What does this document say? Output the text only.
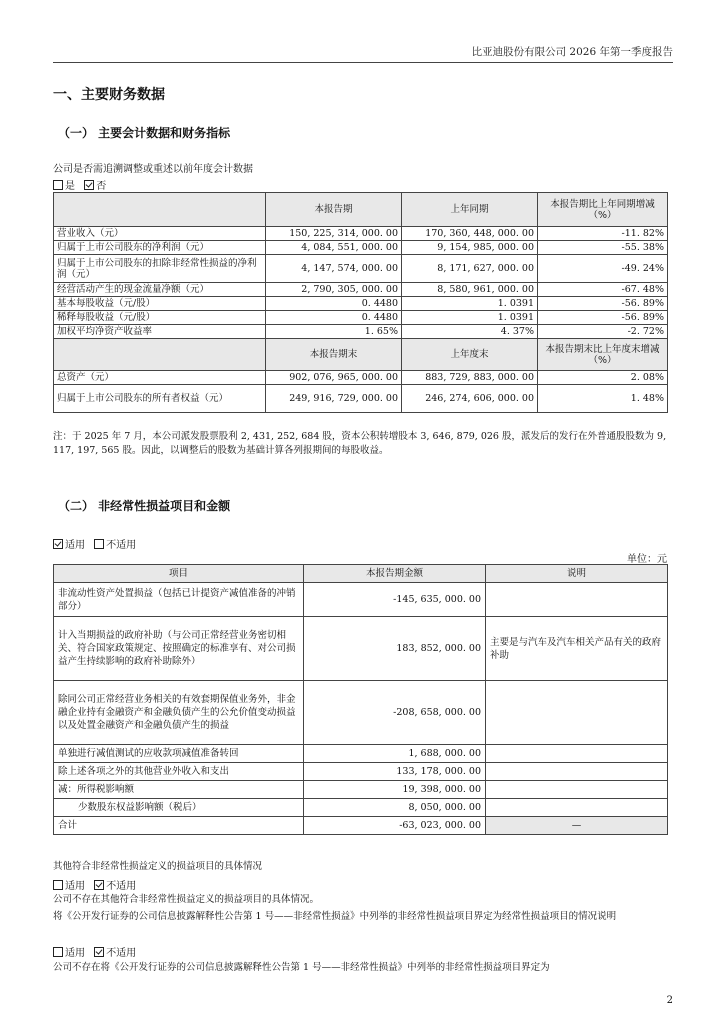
比亚迪股份有限公司 2026 年第一季度报告
一、主要财务数据
（一） 主要会计数据和财务指标
公司是否需追溯调整或重述以前年度会计数据
是
否
	本报告期	上年同期	本报告期比上年同期增减（%）
营业收入（元）	150, 225, 314, 000. 00	170, 360, 448, 000. 00	-11. 82%
归属于上市公司股东的净利润（元）	4, 084, 551, 000. 00	9, 154, 985, 000. 00	-55. 38%
归属于上市公司股东的扣除非经常性损益的净利润（元）	4, 147, 574, 000. 00	8, 171, 627, 000. 00	-49. 24%
经营活动产生的现金流量净额（元）	2, 790, 305, 000. 00	8, 580, 961, 000. 00	-67. 48%
基本每股收益（元/股）	0. 4480	1. 0391	-56. 89%
稀释每股收益（元/股）	0. 4480	1. 0391	-56. 89%
加权平均净资产收益率	1. 65%	4. 37%	-2. 72%
	本报告期末	上年度末	本报告期末比上年度末增减（%）
总资产（元）	902, 076, 965, 000. 00	883, 729, 883, 000. 00	2. 08%
归属于上市公司股东的所有者权益（元）	249, 916, 729, 000. 00	246, 274, 606, 000. 00	1. 48%
注：于 2025 年 7 月，本公司派发股票股利 2, 431, 252, 684 股，资本公积转增股本 3, 646, 879, 026 股，派发后的发行在外普通股股数为 9, 117, 197, 565 股。因此，以调整后的股数为基础计算各列报期间的每股收益。
（二） 非经常性损益项目和金额
适用
不适用
单位：元
项目	本报告期金额	说明
非流动性资产处置损益（包括已计提资产减值准备的冲销部分）	-145, 635, 000. 00	
计入当期损益的政府补助（与公司正常经营业务密切相关、符合国家政策规定、按照确定的标准享有、对公司损益产生持续影响的政府补助除外）	183, 852, 000. 00	主要是与汽车及汽车相关产品有关的政府补助
除同公司正常经营业务相关的有效套期保值业务外，非金融企业持有金融资产和金融负债产生的公允价值变动损益以及处置金融资产和金融负债产生的损益	-208, 658, 000. 00	
单独进行减值测试的应收款项减值准备转回	1, 688, 000. 00	
除上述各项之外的其他营业外收入和支出	133, 178, 000. 00	
减：所得税影响额	19, 398, 000. 00	
少数股东权益影响额（税后）	8, 050, 000. 00	
合计	-63, 023, 000. 00	—
其他符合非经常性损益定义的损益项目的具体情况
适用
不适用
公司不存在其他符合非经常性损益定义的损益项目的具体情况。
将《公开发行证券的公司信息披露解释性公告第 1 号——非经常性损益》中列举的非经常性损益项目界定为经常性损益项目的情况说明
适用
不适用
公司不存在将《公开发行证券的公司信息披露解释性公告第 1 号——非经常性损益》中列举的非经常性损益项目界定为
2
